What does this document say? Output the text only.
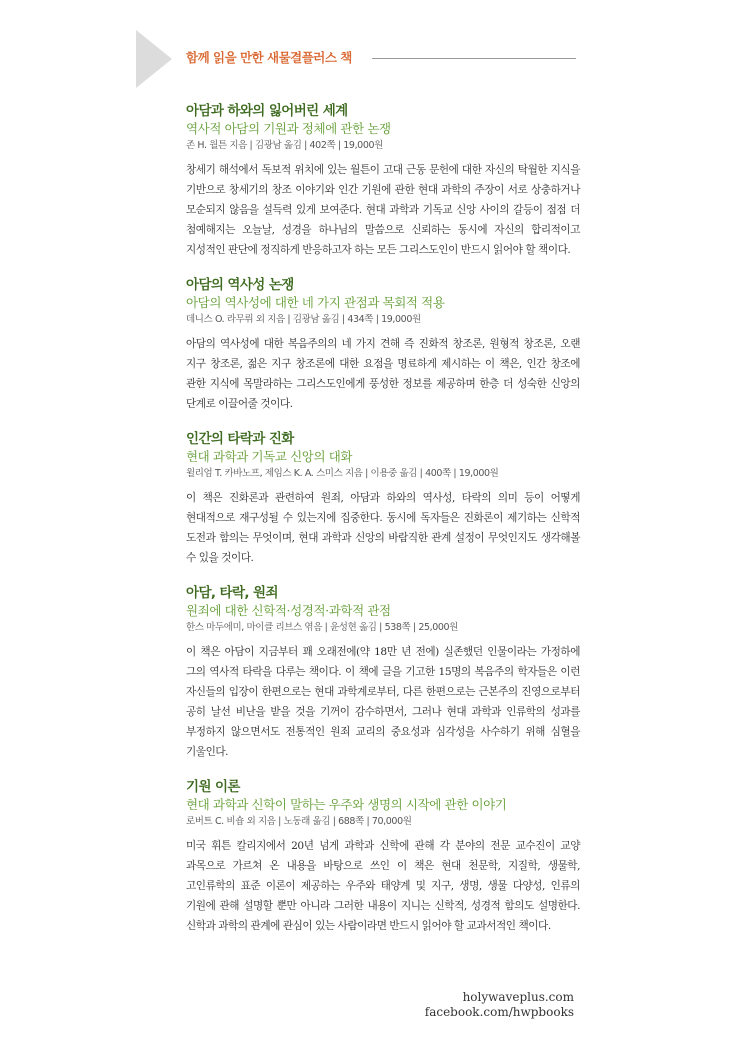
함께 읽을 만한 새물결플러스 책
아담과 하와의 잃어버린 세계
역사적 아담의 기원과 정체에 관한 논쟁
존 H. 월튼 지음 | 김광남 옮김 | 402쪽 | 19,000원
창세기 해석에서 독보적 위치에 있는 월튼이 고대 근동 문헌에 대한 자신의 탁월한 지식을 기반으로 창세기의 창조 이야기와 인간 기원에 관한 현대 과학의 주장이 서로 상충하거나 모순되지 않음을 설득력 있게 보여준다. 현대 과학과 기독교 신앙 사이의 갈등이 점점 더 첨예해지는 오늘날, 성경을 하나님의 말씀으로 신뢰하는 동시에 자신의 합리적이고 지성적인 판단에 정직하게 반응하고자 하는 모든 그리스도인이 반드시 읽어야 할 책이다.
아담의 역사성 논쟁
아담의 역사성에 대한 네 가지 관점과 목회적 적용
데니스 O. 라무뤼 외 지음 | 김광남 옮김 | 434쪽 | 19,000원
아담의 역사성에 대한 복음주의의 네 가지 견해 즉 진화적 창조론, 원형적 창조론, 오랜 지구 창조론, 젊은 지구 창조론에 대한 요점을 명료하게 제시하는 이 책은, 인간 창조에 관한 지식에 목말라하는 그리스도인에게 풍성한 정보를 제공하며 한층 더 성숙한 신앙의 단계로 이끌어줄 것이다.
인간의 타락과 진화
현대 과학과 기독교 신앙의 대화
윌리엄 T. 카바노프, 제임스 K. A. 스미스 지음 | 이용중 옮김 | 400쪽 | 19,000원
이 책은 진화론과 관련하여 원죄, 아담과 하와의 역사성, 타락의 의미 등이 어떻게 현대적으로 재구성될 수 있는지에 집중한다. 동시에 독자들은 진화론이 제기하는 신학적 도전과 함의는 무엇이며, 현대 과학과 신앙의 바람직한 관계 설정이 무엇인지도 생각해볼 수 있을 것이다.
아담, 타락, 원죄
원죄에 대한 신학적·성경적·과학적 관점
한스 마두에미, 마이클 리브스 엮음 | 윤성현 옮김 | 538쪽 | 25,000원
이 책은 아담이 지금부터 꽤 오래전에(약 18만 년 전에) 실존했던 인물이라는 가정하에 그의 역사적 타락을 다루는 책이다. 이 책에 글을 기고한 15명의 복음주의 학자들은 이런 자신들의 입장이 한편으로는 현대 과학계로부터, 다른 한편으로는 근본주의 진영으로부터 공히 날선 비난을 받을 것을 기꺼이 감수하면서, 그러나 현대 과학과 인류학의 성과를 부정하지 않으면서도 전통적인 원죄 교리의 중요성과 심각성을 사수하기 위해 심혈을 기울인다.
기원 이론
현대 과학과 신학이 말하는 우주와 생명의 시작에 관한 이야기
로버트 C. 비숍 외 지음 | 노동래 옮김 | 688쪽 | 70,000원
미국 휘튼 칼리지에서 20년 넘게 과학과 신학에 관해 각 분야의 전문 교수진이 교양 과목으로 가르쳐 온 내용을 바탕으로 쓰인 이 책은 현대 천문학, 지질학, 생물학, 고인류학의 표준 이론이 제공하는 우주와 태양계 및 지구, 생명, 생물 다양성, 인류의 기원에 관해 설명할 뿐만 아니라 그러한 내용이 지니는 신학적, 성경적 함의도 설명한다. 신학과 과학의 관계에 관심이 있는 사람이라면 반드시 읽어야 할 교과서적인 책이다.
holywaveplus.com
facebook.com/hwpbooks
